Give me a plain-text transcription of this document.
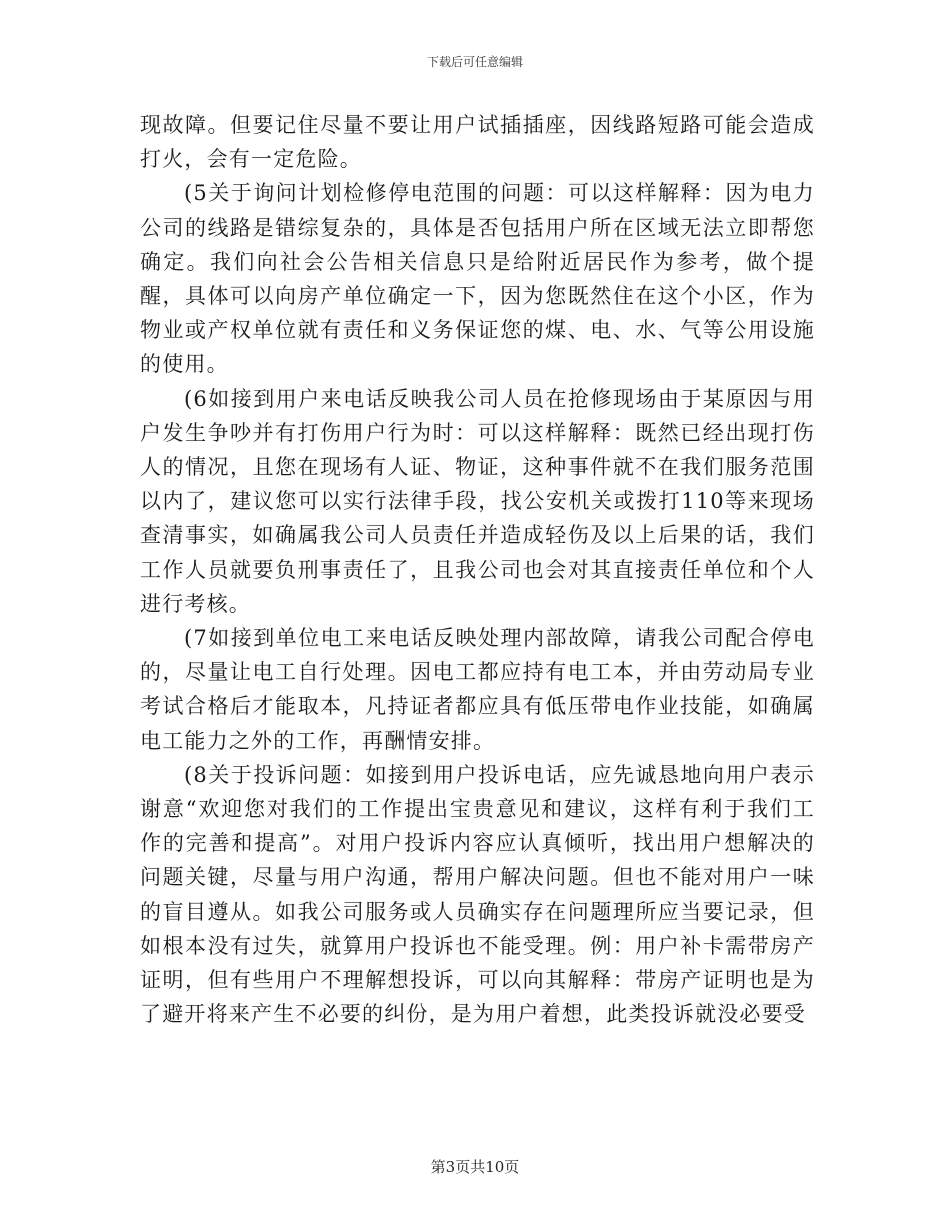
下载后可任意编辑

现故障。但要记住尽量不要让用户试插插座，因线路短路可能会造成打火，会有一定危险。

(5关于询问计划检修停电范围的问题：可以这样解释：因为电力公司的线路是错综复杂的，具体是否包括用户所在区域无法立即帮您确定。我们向社会公告相关信息只是给附近居民作为参考，做个提醒，具体可以向房产单位确定一下，因为您既然住在这个小区，作为物业或产权单位就有责任和义务保证您的煤、电、水、气等公用设施的使用。

(6如接到用户来电话反映我公司人员在抢修现场由于某原因与用户发生争吵并有打伤用户行为时：可以这样解释：既然已经出现打伤人的情况，且您在现场有人证、物证，这种事件就不在我们服务范围以内了，建议您可以实行法律手段，找公安机关或拨打110等来现场查清事实，如确属我公司人员责任并造成轻伤及以上后果的话，我们工作人员就要负刑事责任了，且我公司也会对其直接责任单位和个人进行考核。

(7如接到单位电工来电话反映处理内部故障，请我公司配合停电的，尽量让电工自行处理。因电工都应持有电工本，并由劳动局专业考试合格后才能取本，凡持证者都应具有低压带电作业技能，如确属电工能力之外的工作，再酬情安排。

(8关于投诉问题：如接到用户投诉电话，应先诚恳地向用户表示谢意“欢迎您对我们的工作提出宝贵意见和建议，这样有利于我们工作的完善和提高”。对用户投诉内容应认真倾听，找出用户想解决的问题关键，尽量与用户沟通，帮用户解决问题。但也不能对用户一味的盲目遵从。如我公司服务或人员确实存在问题理所应当要记录，但如根本没有过失，就算用户投诉也不能受理。例：用户补卡需带房产证明，但有些用户不理解想投诉，可以向其解释：带房产证明也是为了避开将来产生不必要的纠份，是为用户着想，此类投诉就没必要受

第3页共10页
